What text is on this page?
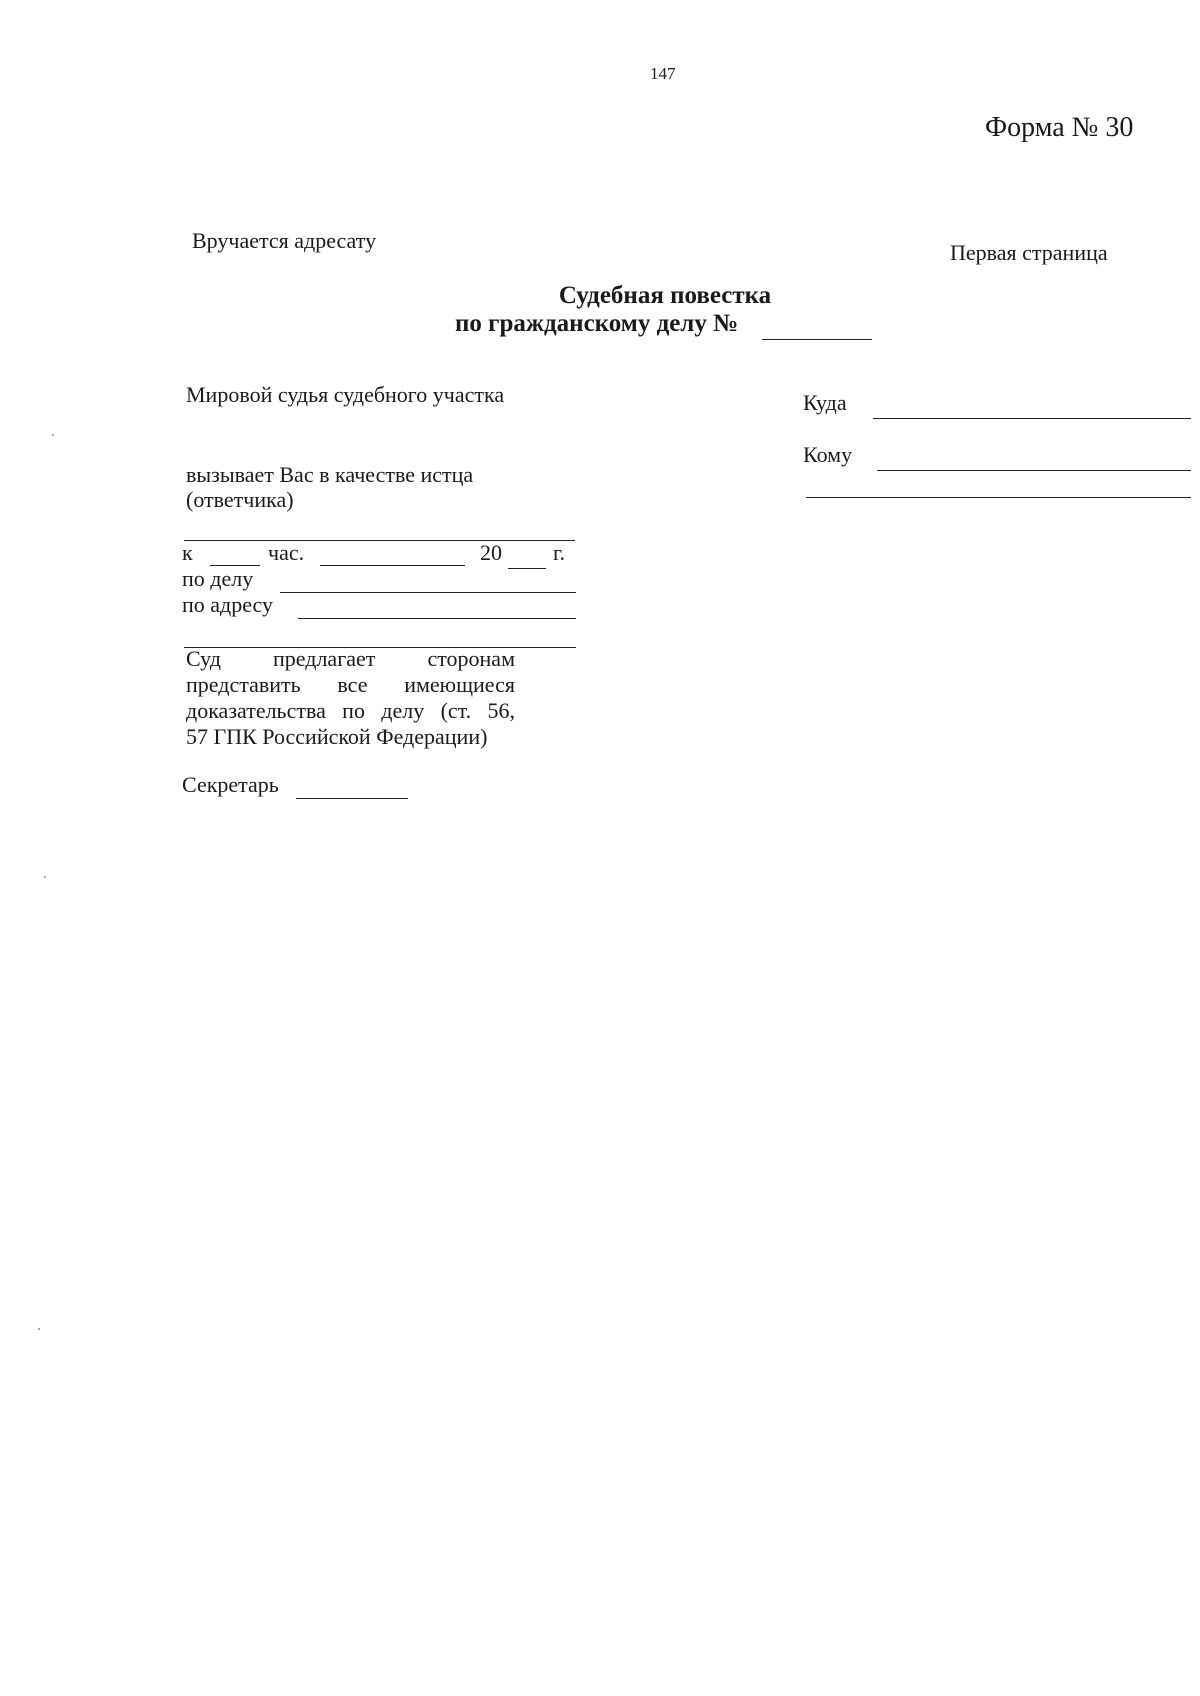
147
Форма № 30
Вручается адресату	Первая страница
Судебная повестка
по гражданскому делу №
Мировой судья судебного участка
вызывает Вас в качестве истца
(ответчика)
к	час.	20 г.
по делу
по адресу
Суд предлагает сторонам
представить все имеющиеся
доказательства по делу (ст. 56,
57 ГПК Российской Федерации)
Секретарь
Куда
Кому
